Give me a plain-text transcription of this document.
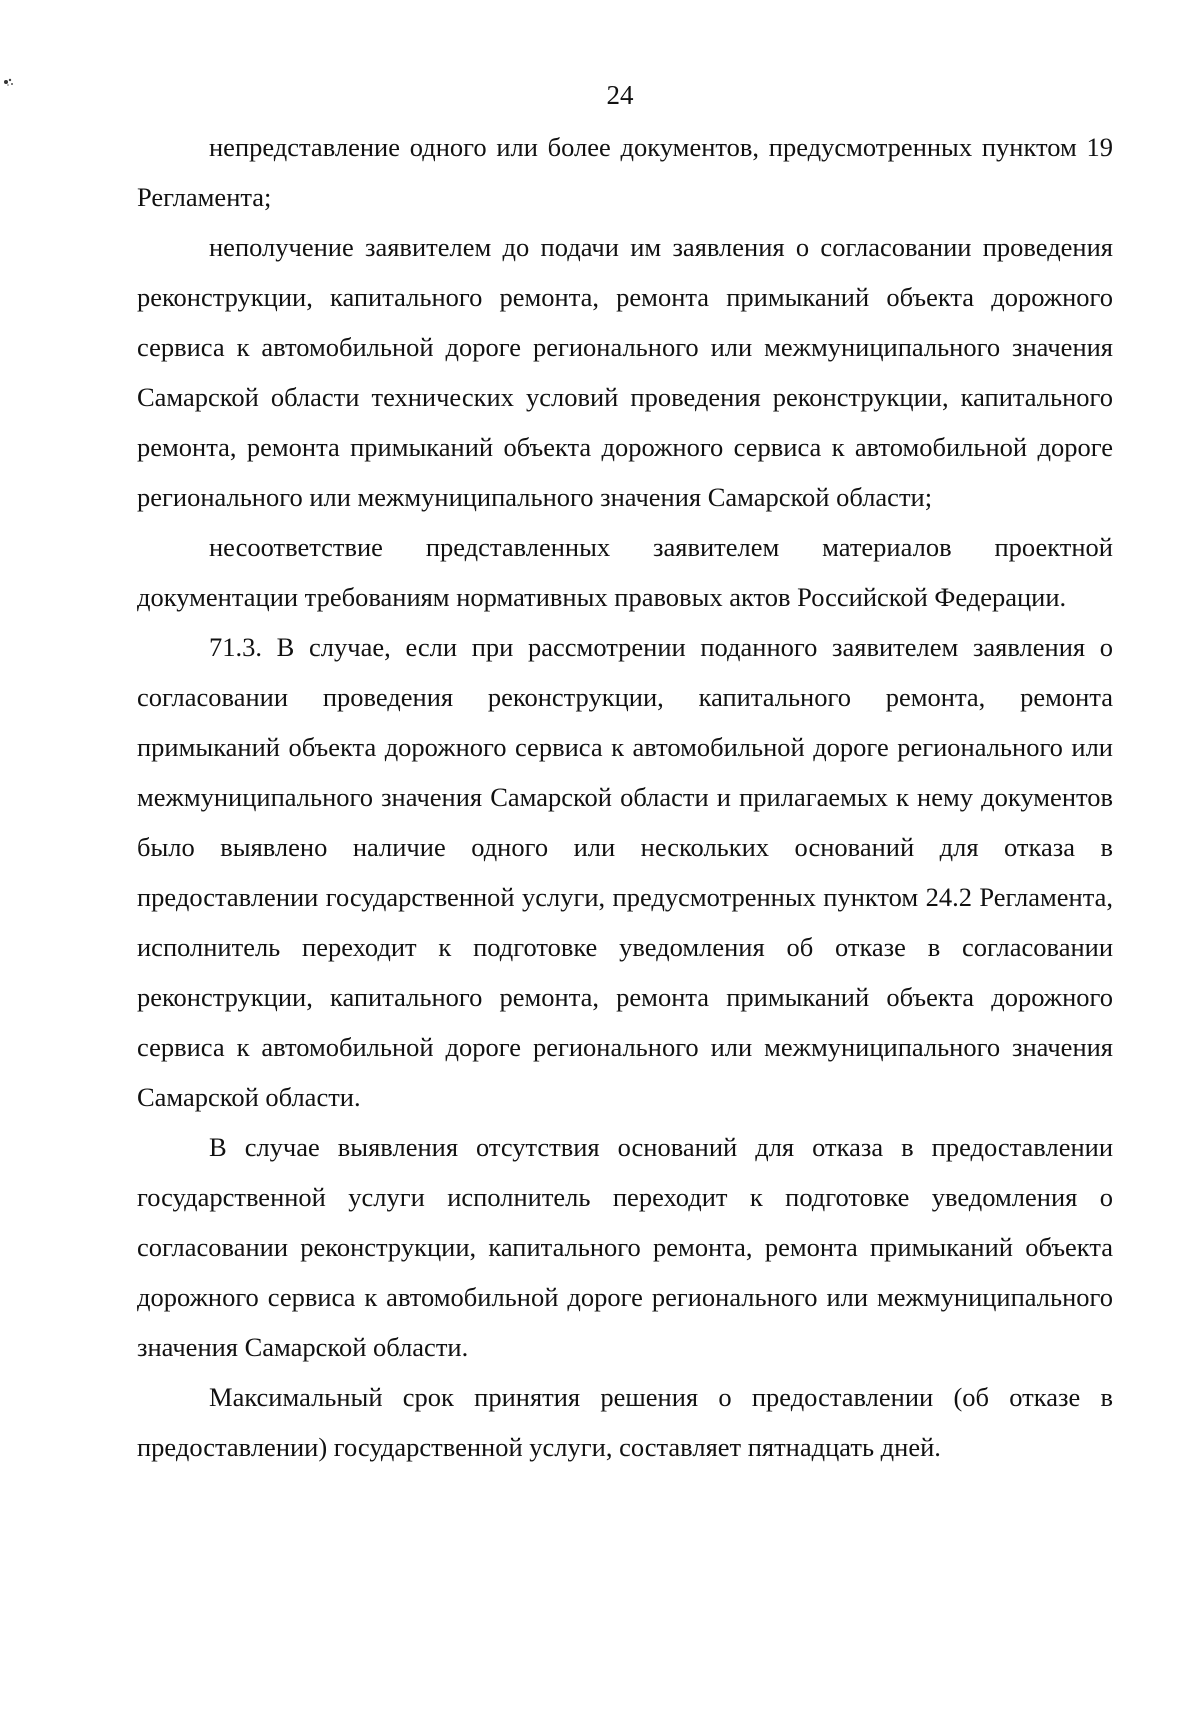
24

непредставление одного или более документов, предусмотренных пунктом 19 Регламента;

неполучение заявителем до подачи им заявления о согласовании проведения реконструкции, капитального ремонта, ремонта примыканий объекта дорожного сервиса к автомобильной дороге регионального или межмуниципального значения Самарской области технических условий проведения реконструкции, капитального ремонта, ремонта примыканий объекта дорожного сервиса к автомобильной дороге регионального или межмуниципального значения Самарской области;

несоответствие представленных заявителем материалов проектной документации требованиям нормативных правовых актов Российской Федерации.

71.3. В случае, если при рассмотрении поданного заявителем заявления о согласовании проведения реконструкции, капитального ремонта, ремонта примыканий объекта дорожного сервиса к автомобильной дороге регионального или межмуниципального значения Самарской области и прилагаемых к нему документов было выявлено наличие одного или нескольких оснований для отказа в предоставлении государственной услуги, предусмотренных пунктом 24.2 Регламента, исполнитель переходит к подготовке уведомления об отказе в согласовании реконструкции, капитального ремонта, ремонта примыканий объекта дорожного сервиса к автомобильной дороге регионального или межмуниципального значения Самарской области.

В случае выявления отсутствия оснований для отказа в предоставлении государственной услуги исполнитель переходит к подготовке уведомления о согласовании реконструкции, капитального ремонта, ремонта примыканий объекта дорожного сервиса к автомобильной дороге регионального или межмуниципального значения Самарской области.

Максимальный срок принятия решения о предоставлении (об отказе в предоставлении) государственной услуги, составляет пятнадцать дней.
